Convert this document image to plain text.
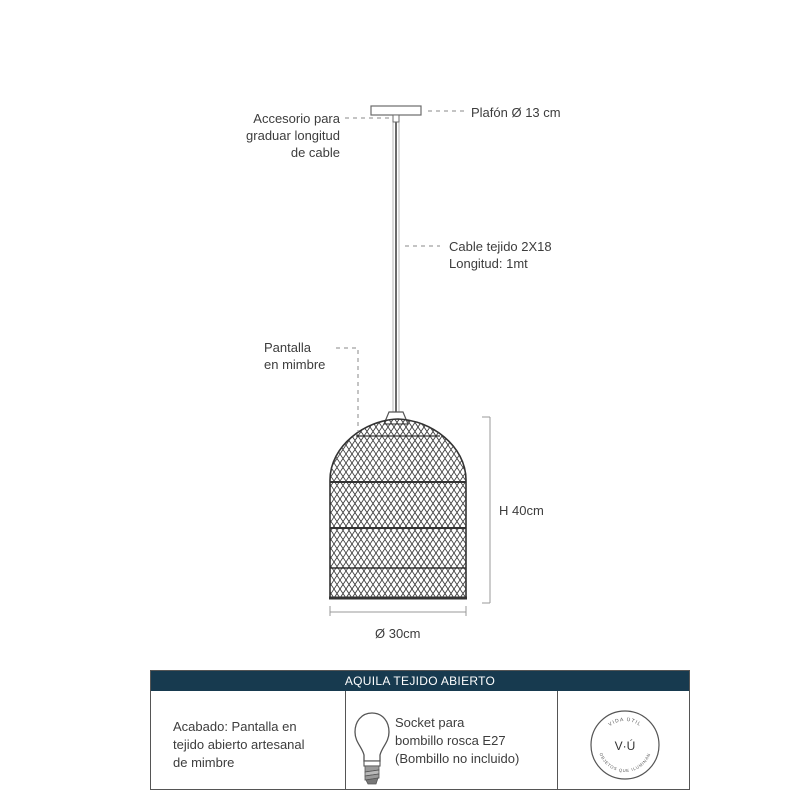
Accesorio para
graduar longitud
de cable
Plafón Ø 13 cm
Cable tejido 2X18
Longitud: 1mt
Pantalla
en mimbre
H 40cm
Ø 30cm
AQUILA TEJIDO ABIERTO
Acabado: Pantalla en
tejido abierto artesanal
de mimbre
Socket para
bombillo rosca E27
(Bombillo no incluido)
VIDA ÚTIL
OBJETOS QUE ILUMINAN
V·Ú
